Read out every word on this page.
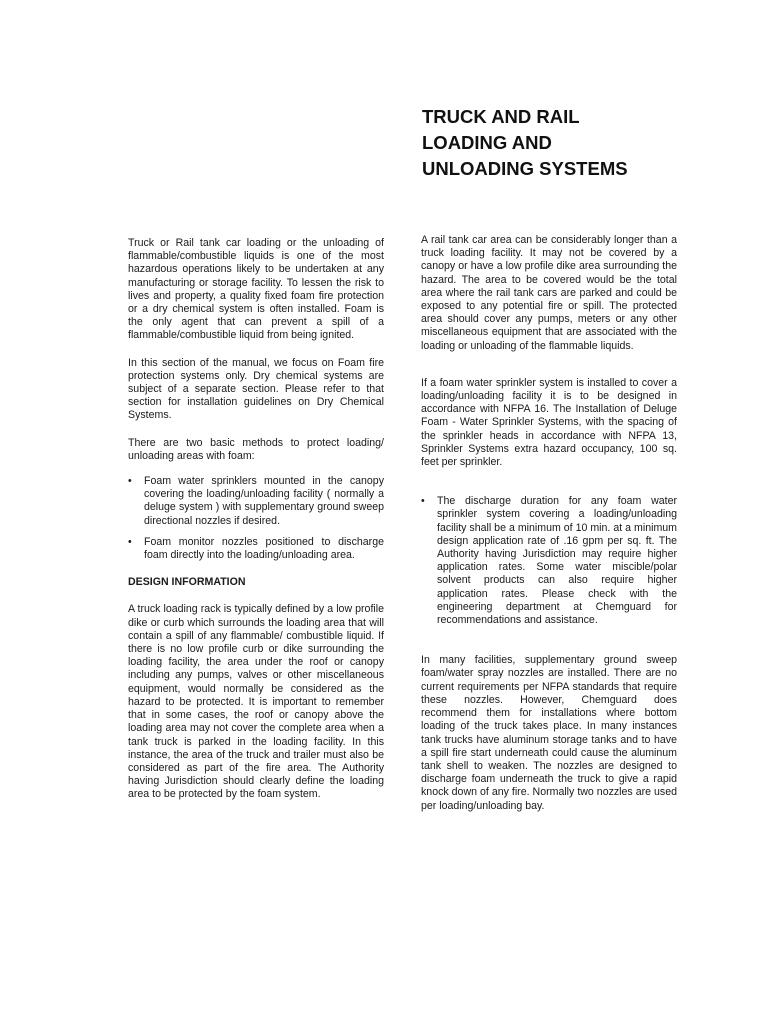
TRUCK AND RAIL
LOADING AND
UNLOADING SYSTEMS

Truck or Rail tank car loading or the unloading of flammable/combustible liquids is one of the most hazardous operations likely to be undertaken at any manufacturing or storage facility. To lessen the risk to lives and property, a quality fixed foam fire protection or a dry chemical system is often installed. Foam is the only agent that can prevent a spill of a flammable/combustible liquid from being ignited.

In this section of the manual, we focus on Foam fire protection systems only. Dry chemical systems are subject of a separate section. Please refer to that section for installation guidelines on Dry Chemical Systems.

There are two basic methods to protect loading/ unloading areas with foam:

• Foam water sprinklers mounted in the canopy covering the loading/unloading facility ( normally a deluge system ) with supplementary ground sweep directional nozzles if desired.
• Foam monitor nozzles positioned to discharge foam directly into the loading/unloading area.

DESIGN INFORMATION

A truck loading rack is typically defined by a low profile dike or curb which surrounds the loading area that will contain a spill of any flammable/ combustible liquid. If there is no low profile curb or dike surrounding the loading facility, the area under the roof or canopy including any pumps, valves or other miscellaneous equipment, would normally be considered as the hazard to be protected. It is important to remember that in some cases, the roof or canopy above the loading area may not cover the complete area when a tank truck is parked in the loading facility. In this instance, the area of the truck and trailer must also be considered as part of the fire area. The Authority having Jurisdiction should clearly define the loading area to be protected by the foam system.

A rail tank car area can be considerably longer than a truck loading facility. It may not be covered by a canopy or have a low profile dike area surrounding the hazard. The area to be covered would be the total area where the rail tank cars are parked and could be exposed to any potential fire or spill. The protected area should cover any pumps, meters or any other miscellaneous equipment that are associated with the loading or unloading of the flammable liquids.

If a foam water sprinkler system is installed to cover a loading/unloading facility it is to be designed in accordance with NFPA 16. The Installation of Deluge Foam - Water Sprinkler Systems, with the spacing of the sprinkler heads in accordance with NFPA 13, Sprinkler Systems extra hazard occupancy, 100 sq. feet per sprinkler.

• The discharge duration for any foam water sprinkler system covering a loading/unloading facility shall be a minimum of 10 min. at a minimum design application rate of .16 gpm per sq. ft. The Authority having Jurisdiction may require higher application rates. Some water miscible/polar solvent products can also require higher application rates. Please check with the engineering department at Chemguard for recommendations and assistance.

In many facilities, supplementary ground sweep foam/water spray nozzles are installed. There are no current requirements per NFPA standards that require these nozzles. However, Chemguard does recommend them for installations where bottom loading of the truck takes place. In many instances tank trucks have aluminum storage tanks and to have a spill fire start underneath could cause the aluminum tank shell to weaken. The nozzles are designed to discharge foam underneath the truck to give a rapid knock down of any fire. Normally two nozzles are used per loading/unloading bay.
